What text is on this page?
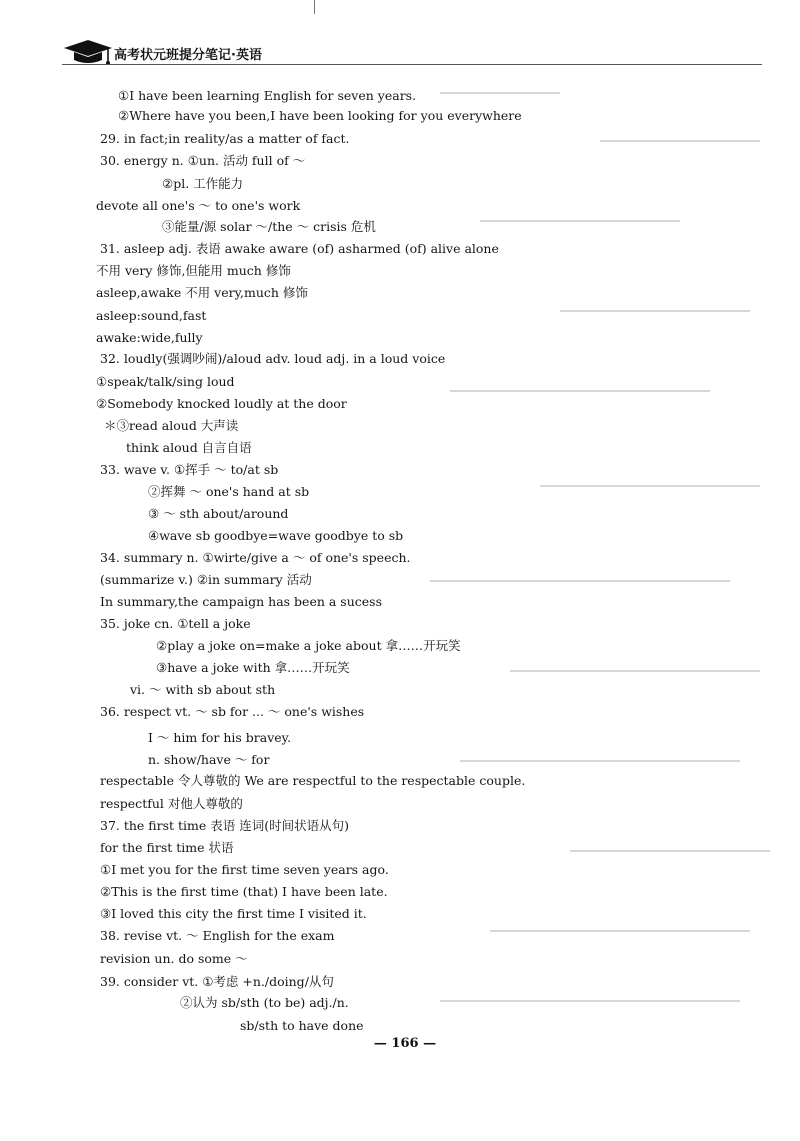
高考状元班提分笔记·英语
①I have been learning English for seven years.
②Where have you been,I have been looking for you everywhere
29. in fact;in reality/as a matter of fact.
30. energy n. ①un. 活动 full of ～
②pl. 工作能力
devote all one's ～ to one's work
③能量/源 solar ～/the ～ crisis 危机
31. asleep adj. 表语 awake aware (of) asharmed (of) alive alone
不用 very 修饰,但能用 much 修饰
asleep,awake 不用 very,much 修饰
asleep:sound,fast
awake:wide,fully
32. loudly(强调吵闹)/aloud adv. loud adj. in a loud voice
①speak/talk/sing loud
②Somebody knocked loudly at the door
＊③read aloud 大声读
think aloud 自言自语
33. wave v. ①挥手 ～ to/at sb
②挥舞 ～ one's hand at sb
③ ～ sth about/around
④wave sb goodbye=wave goodbye to sb
34. summary n. ①wirte/give a ～ of one's speech.
(summarize v.) ②in summary 活动
In summary,the campaign has been a sucess
35. joke cn. ①tell a joke
②play a joke on=make a joke about 拿……开玩笑
③have a joke with 拿……开玩笑
vi. ～ with sb about sth
36. respect vt. ～ sb for ... ～ one's wishes
I ～ him for his bravey.
n. show/have ～ for
respectable 令人尊敬的 We are respectful to the respectable couple.
respectful 对他人尊敬的
37. the first time 表语 连词(时间状语从句)
for the first time 状语
①I met you for the first time seven years ago.
②This is the first time (that) I have been late.
③I loved this city the first time I visited it.
38. revise vt. ～ English for the exam
revision un. do some ～
39. consider vt. ①考虑 +n./doing/从句
②认为 sb/sth (to be) adj./n.
sb/sth to have done
— 166 —
